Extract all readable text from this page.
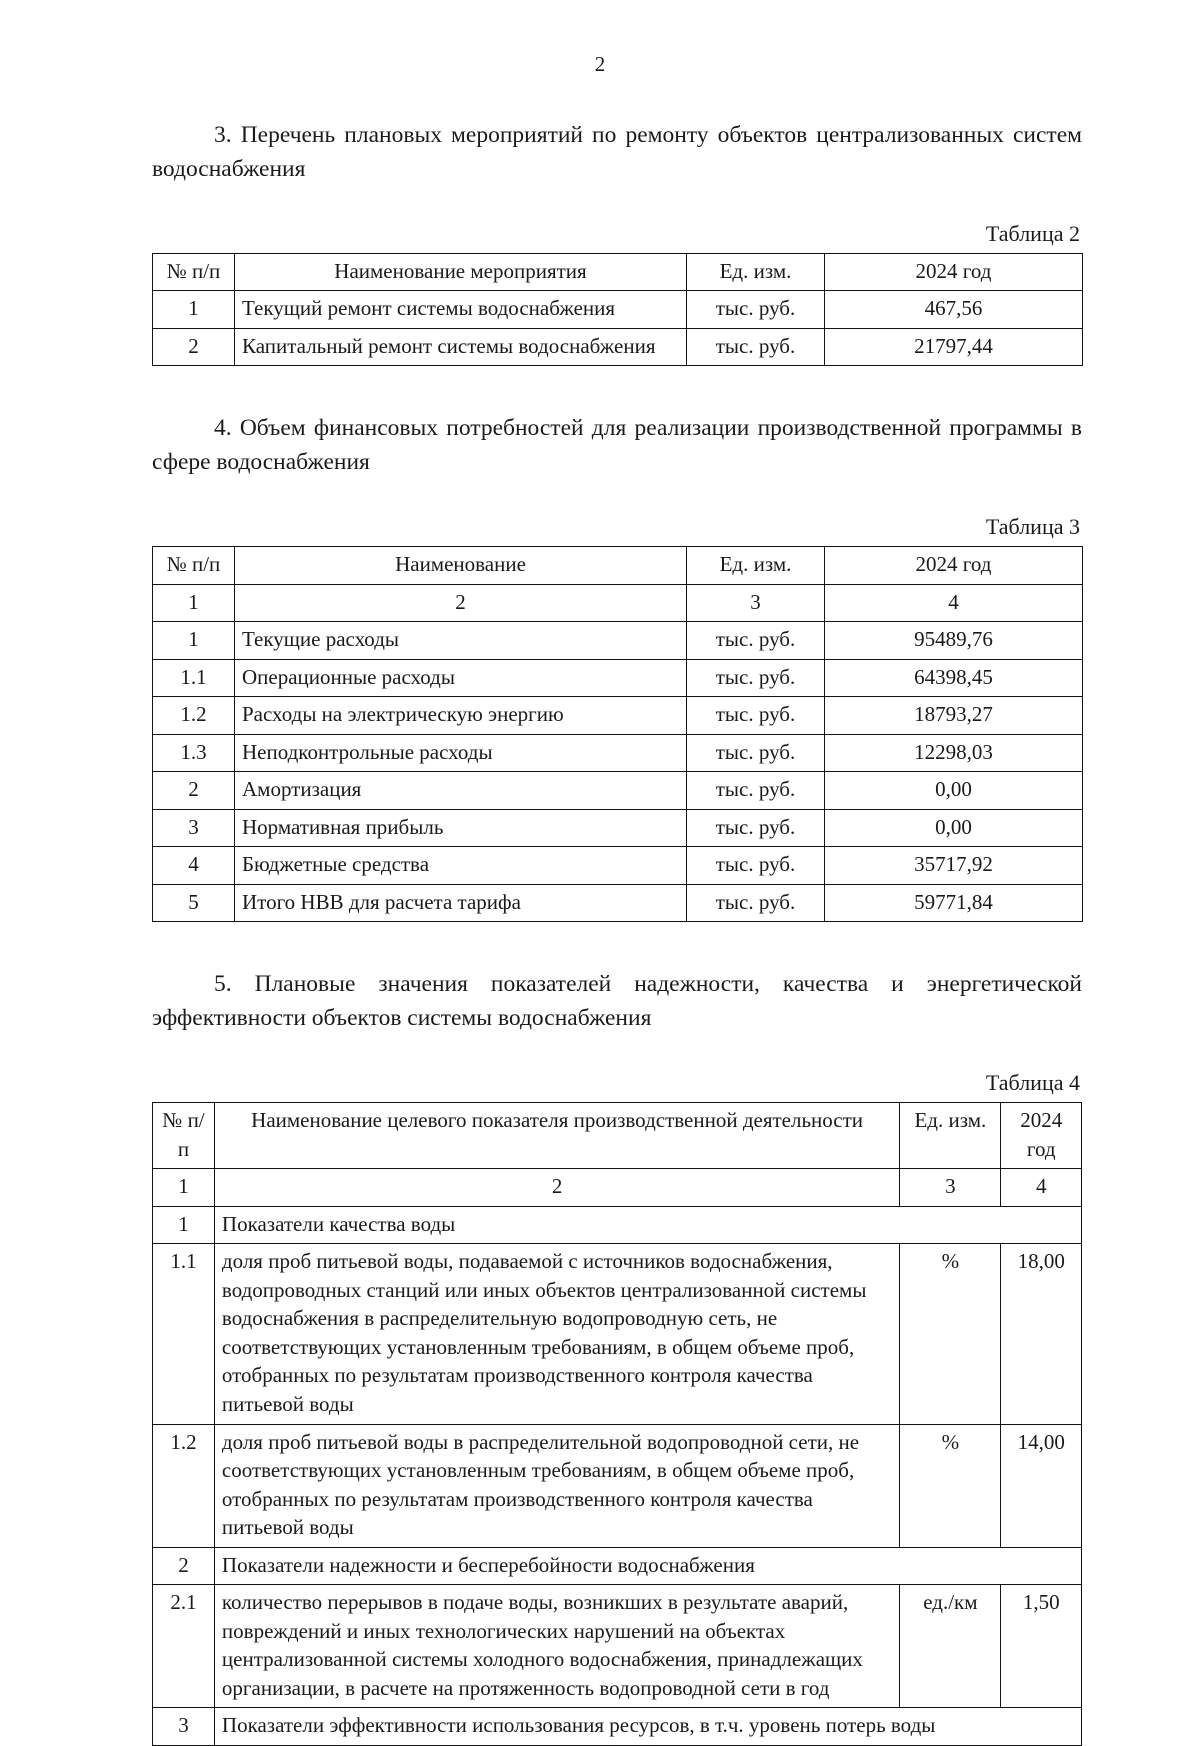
2

3. Перечень плановых мероприятий по ремонту объектов централизованных систем водоснабжения

Таблица 2
№ п/п	Наименование мероприятия	Ед. изм.	2024 год
1	Текущий ремонт системы водоснабжения	тыс. руб.	467,56
2	Капитальный ремонт системы водоснабжения	тыс. руб.	21797,44

4. Объем финансовых потребностей для реализации производственной программы в сфере водоснабжения

Таблица 3
№ п/п	Наименование	Ед. изм.	2024 год
1	2	3	4
1	Текущие расходы	тыс. руб.	95489,76
1.1	Операционные расходы	тыс. руб.	64398,45
1.2	Расходы на электрическую энергию	тыс. руб.	18793,27
1.3	Неподконтрольные расходы	тыс. руб.	12298,03
2	Амортизация	тыс. руб.	0,00
3	Нормативная прибыль	тыс. руб.	0,00
4	Бюджетные средства	тыс. руб.	35717,92
5	Итого НВВ для расчета тарифа	тыс. руб.	59771,84

5. Плановые значения показателей надежности, качества и энергетической эффективности объектов системы водоснабжения

Таблица 4
№ п/п	Наименование целевого показателя производственной деятельности	Ед. изм.	2024 год
1	2	3	4
1	Показатели качества воды		
1.1	доля проб питьевой воды, подаваемой с источников водоснабжения, водопроводных станций или иных объектов централизованной системы водоснабжения в распределительную водопроводную сеть, не соответствующих установленным требованиям, в общем объеме проб, отобранных по результатам производственного контроля качества питьевой воды	%	18,00
1.2	доля проб питьевой воды в распределительной водопроводной сети, не соответствующих установленным требованиям, в общем объеме проб, отобранных по результатам производственного контроля качества питьевой воды	%	14,00
2	Показатели надежности и бесперебойности водоснабжения		
2.1	количество перерывов в подаче воды, возникших в результате аварий, повреждений и иных технологических нарушений на объектах централизованной системы холодного водоснабжения, принадлежащих организации, в расчете на протяженность водопроводной сети в год	ед./км	1,50
3	Показатели эффективности использования ресурсов, в т.ч. уровень потерь воды		
